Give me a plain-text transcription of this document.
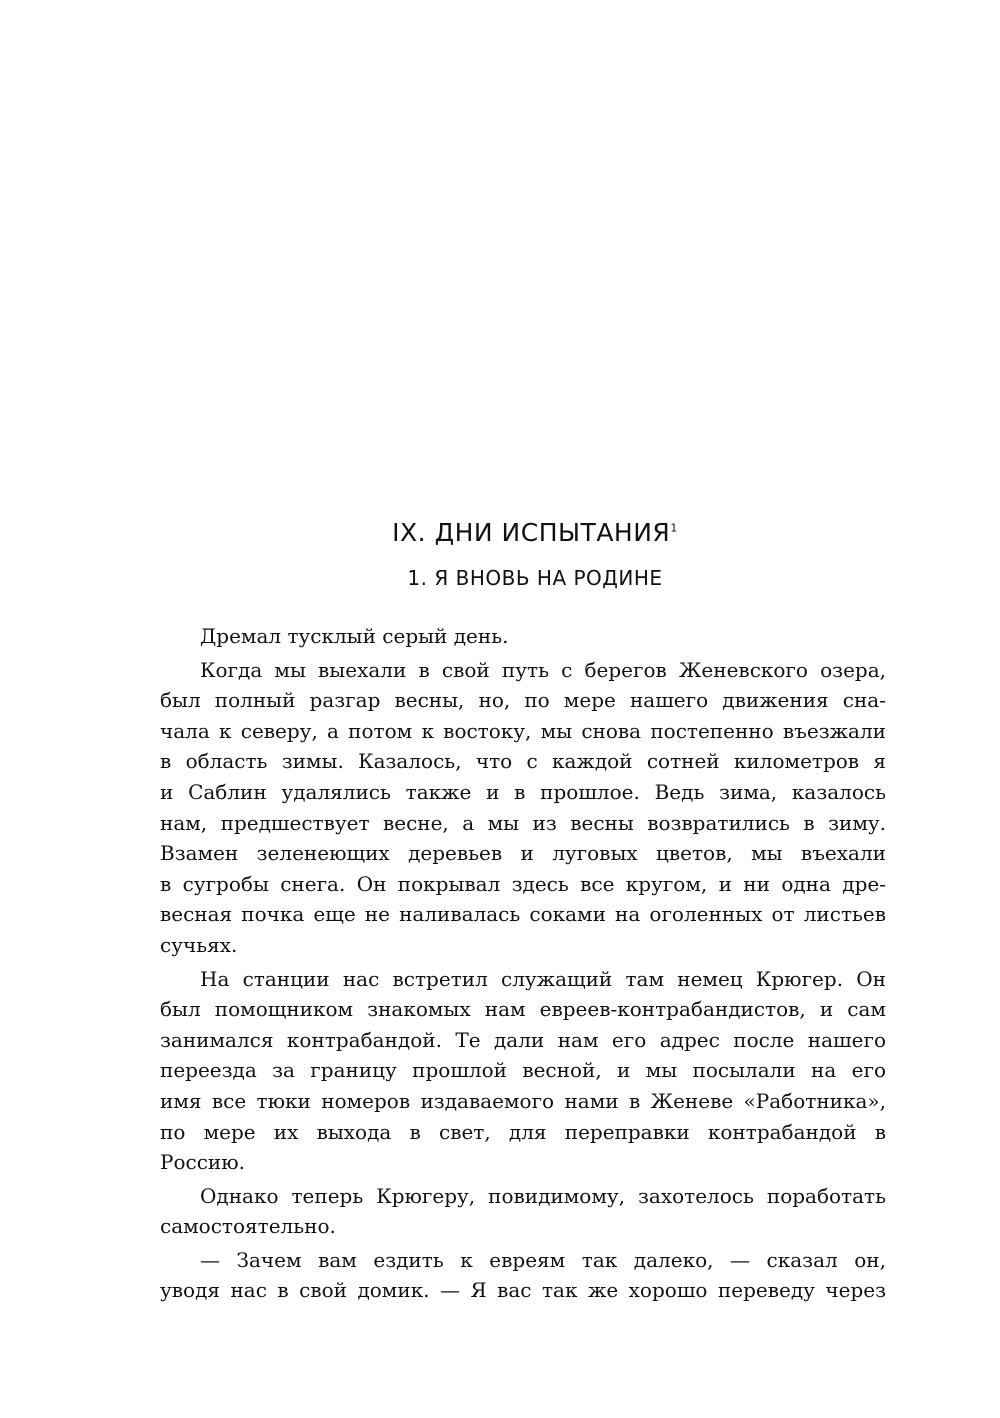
IX. ДНИ ИСПЫТАНИЯ$^1$
1. Я ВНОВЬ НА РОДИНЕ
Дремал тусклый серый день.
Когда мы выехали в свой путь с берегов Женевского озера,
был полный разгар весны, но, по мере нашего движения сна-
чала к северу, а потом к востоку, мы снова постепенно въезжали
в область зимы. Казалось, что с каждой сотней километров я
и Саблин удалялись также и в прошлое. Ведь зима, казалось
нам, предшествует весне, а мы из весны возвратились в зиму.
Взамен зеленеющих деревьев и луговых цветов, мы въехали
в сугробы снега. Он покрывал здесь все кругом, и ни одна дре-
весная почка еще не наливалась соками на оголенных от листьев
сучьях.
На станции нас встретил служащий там немец Крюгер. Он
был помощником знакомых нам евреев-контрабандистов, и сам
занимался контрабандой. Те дали нам его адрес после нашего
переезда за границу прошлой весной, и мы посылали на его
имя все тюки номеров издаваемого нами в Женеве «Работника»,
по мере их выхода в свет, для переправки контрабандой в
Россию.
Однако теперь Крюгеру, повидимому, захотелось поработать
самостоятельно.
— Зачем вам ездить к евреям так далеко, — сказал он,
уводя нас в свой домик. — Я вас так же хорошо переведу через
